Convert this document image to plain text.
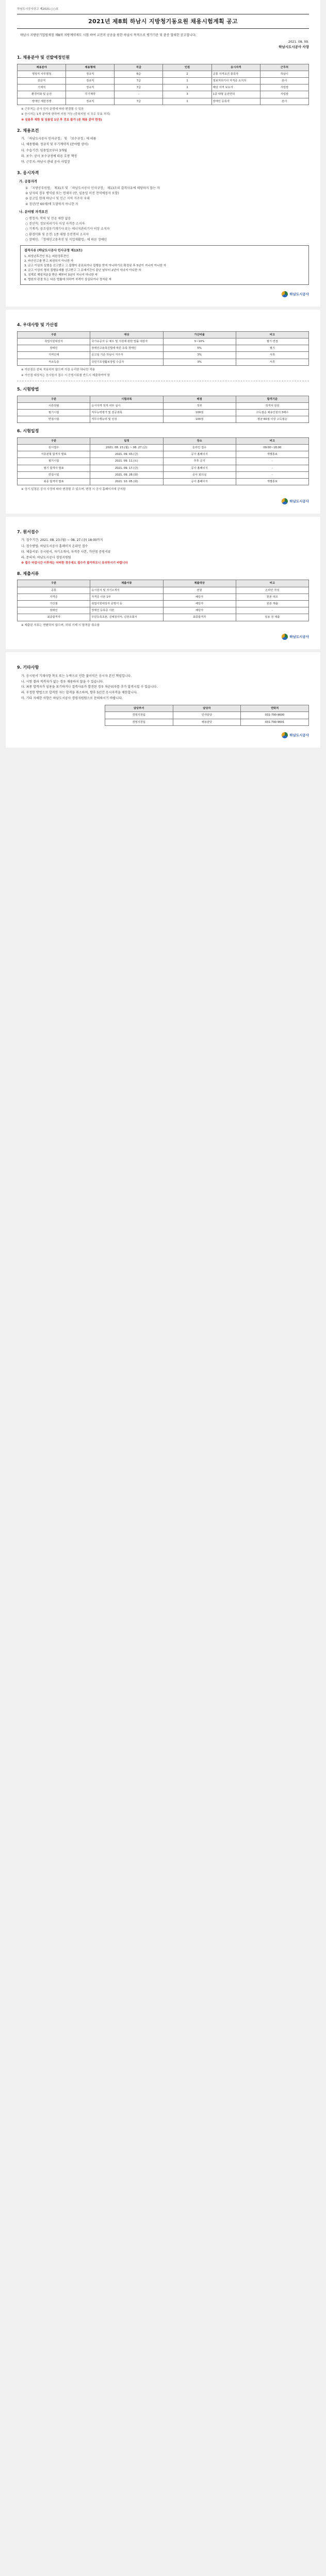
하남도시공사공고 제2021-○○호
2021년 제8회 하남시 지방청기동요원 채용시험계획 공고
하남시 지방공기업법제정 제8차 지방계약제도 시험 하여 교진미 공공을 원한 하남시 목적으로 평가기준 및 중증 합의한 공고합니다.
2021. 08. 09.
하남시도시공사 사장
1. 채용분야 및 선발예정인원
채용분야	채용형태	직급	인원	응시자격	근무처
행정직 사무행정	정규직	6급	2	공통 자격요건 충족자	하남시
전산직	정규직	7급	1	정보처리기사 자격증 소지자	본사
기계직	정규직	7급	1	해당 자격 보유자	사업장
환경미화 및 운전	무기계약	-	3	1종 대형 운전면허	사업장
장애인 제한경쟁	정규직	7급	1	장애인 등록자	본사
※ 근무처는 공사 인사 운영에 따라 변경될 수 있음
※ 응시자는 1개 분야에 한하여 지원 가능 (중복지원 시 모두 무효 처리)
※ 임용후 제한 및 임용일 1년 후 전보 불가 (본 채용 분야 한정)
2. 채용조건
가. 「하남도시공사 인사규정」 및 「보수규정」에 따름
나. 채용형태: 정규직 및 무기계약직 (분야별 상이)
다. 수습기간: 임용일로부터 3개월
라. 보수: 공사 보수규정에 따른 호봉 책정
마. 근무지: 하남시 관내 공사 사업장
3. 응시자격
가. 공통자격
① 「지방공무원법」 제31조 및 「하남도시공사 인사규정」 제13조의 결격사유에 해당하지 않는 자
② 남자의 경우 병역필 또는 면제자 (단, 임용일 이전 전역예정자 포함)
③ 공고일 현재 하남시 및 인근 지역 거주자 우대
④ 정년(만 60세)에 도달하지 아니한 자
나. 분야별 자격요건
○ 행정직: 학력 및 전공 제한 없음
○ 전산직: 정보처리기사 이상 자격증 소지자
○ 기계직: 공조냉동기계기사 또는 에너지관리기사 이상 소지자
○ 환경미화 및 운전: 1종 대형 운전면허 소지자
○ 장애인: 「장애인고용촉진 및 직업재활법」에 따른 장애인
결격사유 (하남도시공사 인사규정 제13조)
1. 피성년후견인 또는 피한정후견인
2. 파산선고를 받고 복권되지 아니한 자
3. 금고 이상의 실형을 선고받고 그 집행이 종료되거나 집행을 받지 아니하기로 확정된 후 5년이 지나지 아니한 자
4. 금고 이상의 형의 집행유예를 선고받고 그 유예기간이 끝난 날부터 2년이 지나지 아니한 자
5. 징계로 해임처분을 받은 때부터 3년이 지나지 아니한 자
6. 법원의 판결 또는 다른 법률에 의하여 자격이 상실되거나 정지된 자
하남도시공사
4. 우대사항 및 가산점
구분	대상	가산비율	비고
취업지원대상자	국가유공자 등 예우 및 지원에 관한 법률 대상자	5~10%	필기·면접
장애인	장애인고용촉진법에 따른 등록 장애인	5%	필기
지역인재	공고일 기준 하남시 거주자	3%	서류
저소득층	국민기초생활보장법 수급자	3%	서류
※ 가산점은 중복 적용하지 않으며 가장 유리한 하나만 적용
※ 가산점 대상자는 응시원서 접수 시 증빙서류를 반드시 제출하여야 함
5. 시험방법
구분	시험과목	배점	합격기준
서류전형	응시자격 적격 여부 심사	적부	적격자 전원
필기시험	직무능력평가 및 전공과목	100점	고득점순 채용인원의 3배수
면접시험	직무수행능력 및 인성	100점	평균 60점 이상 고득점순
6. 시험일정
구분	일정	장소	비고
원서접수	2021. 08. 23.(월) ~ 08. 27.(금)	온라인 접수	09:00~18:00
서류전형 합격자 발표	2021. 09. 03.(금)	공사 홈페이지	개별통보
필기시험	2021. 09. 11.(토)	추후 공지	-
필기 합격자 발표	2021. 09. 17.(금)	공사 홈페이지	-
면접시험	2021. 09. 28.(화)	공사 회의실	-
최종 합격자 발표	2021. 10. 05.(화)	공사 홈페이지	개별통보
※ 상기 일정은 공사 사정에 따라 변경될 수 있으며, 변경 시 공사 홈페이지에 공지함
하남도시공사
7. 원서접수
가. 접수기간: 2021. 08. 23.(월) ~ 08. 27.(금) 18:00까지
나. 접수방법: 하남도시공사 홈페이지 온라인 접수
다. 제출서류: 응시원서, 자기소개서, 자격증 사본, 가산점 증빙서류
라. 문의처: 하남도시공사 경영지원팀
※ 접수 마감시간 이후에는 어떠한 경우에도 접수가 불가하오니 유의하시기 바랍니다
8. 제출서류
구분	제출서류	제출대상	비고
공통	응시원서 및 자기소개서	전원	온라인 작성
자격증	자격증 사본 1부	해당자	원본 대조
가산점	취업지원대상자 증명서 등	해당자	원본 제출
장애인	장애인 등록증 사본	해당자	-
최종합격자	주민등록초본, 신체검사서, 신원조회서	최종합격자	임용 전 제출
※ 제출된 서류는 반환하지 않으며, 허위 기재 시 합격을 취소함
하남도시공사
9. 기타사항
가. 응시원서 기재사항 착오 또는 누락으로 인한 불이익은 응시자 본인 책임입니다.
나. 시험 결과 적격자가 없는 경우 채용하지 않을 수 있습니다.
다. 최종 합격자가 임용을 포기하거나 결격사유가 발견된 경우 차순위자를 추가 합격시킬 수 있습니다.
라. 부정한 방법으로 합격한 자는 합격을 취소하며, 향후 5년간 응시자격을 제한합니다.
마. 기타 자세한 사항은 하남도시공사 경영지원팀으로 문의하시기 바랍니다.
담당부서	담당자	연락처
경영지원팀	인사담당	031-790-9600
경영지원팀	채용담당	031-790-9601
하남도시공사
